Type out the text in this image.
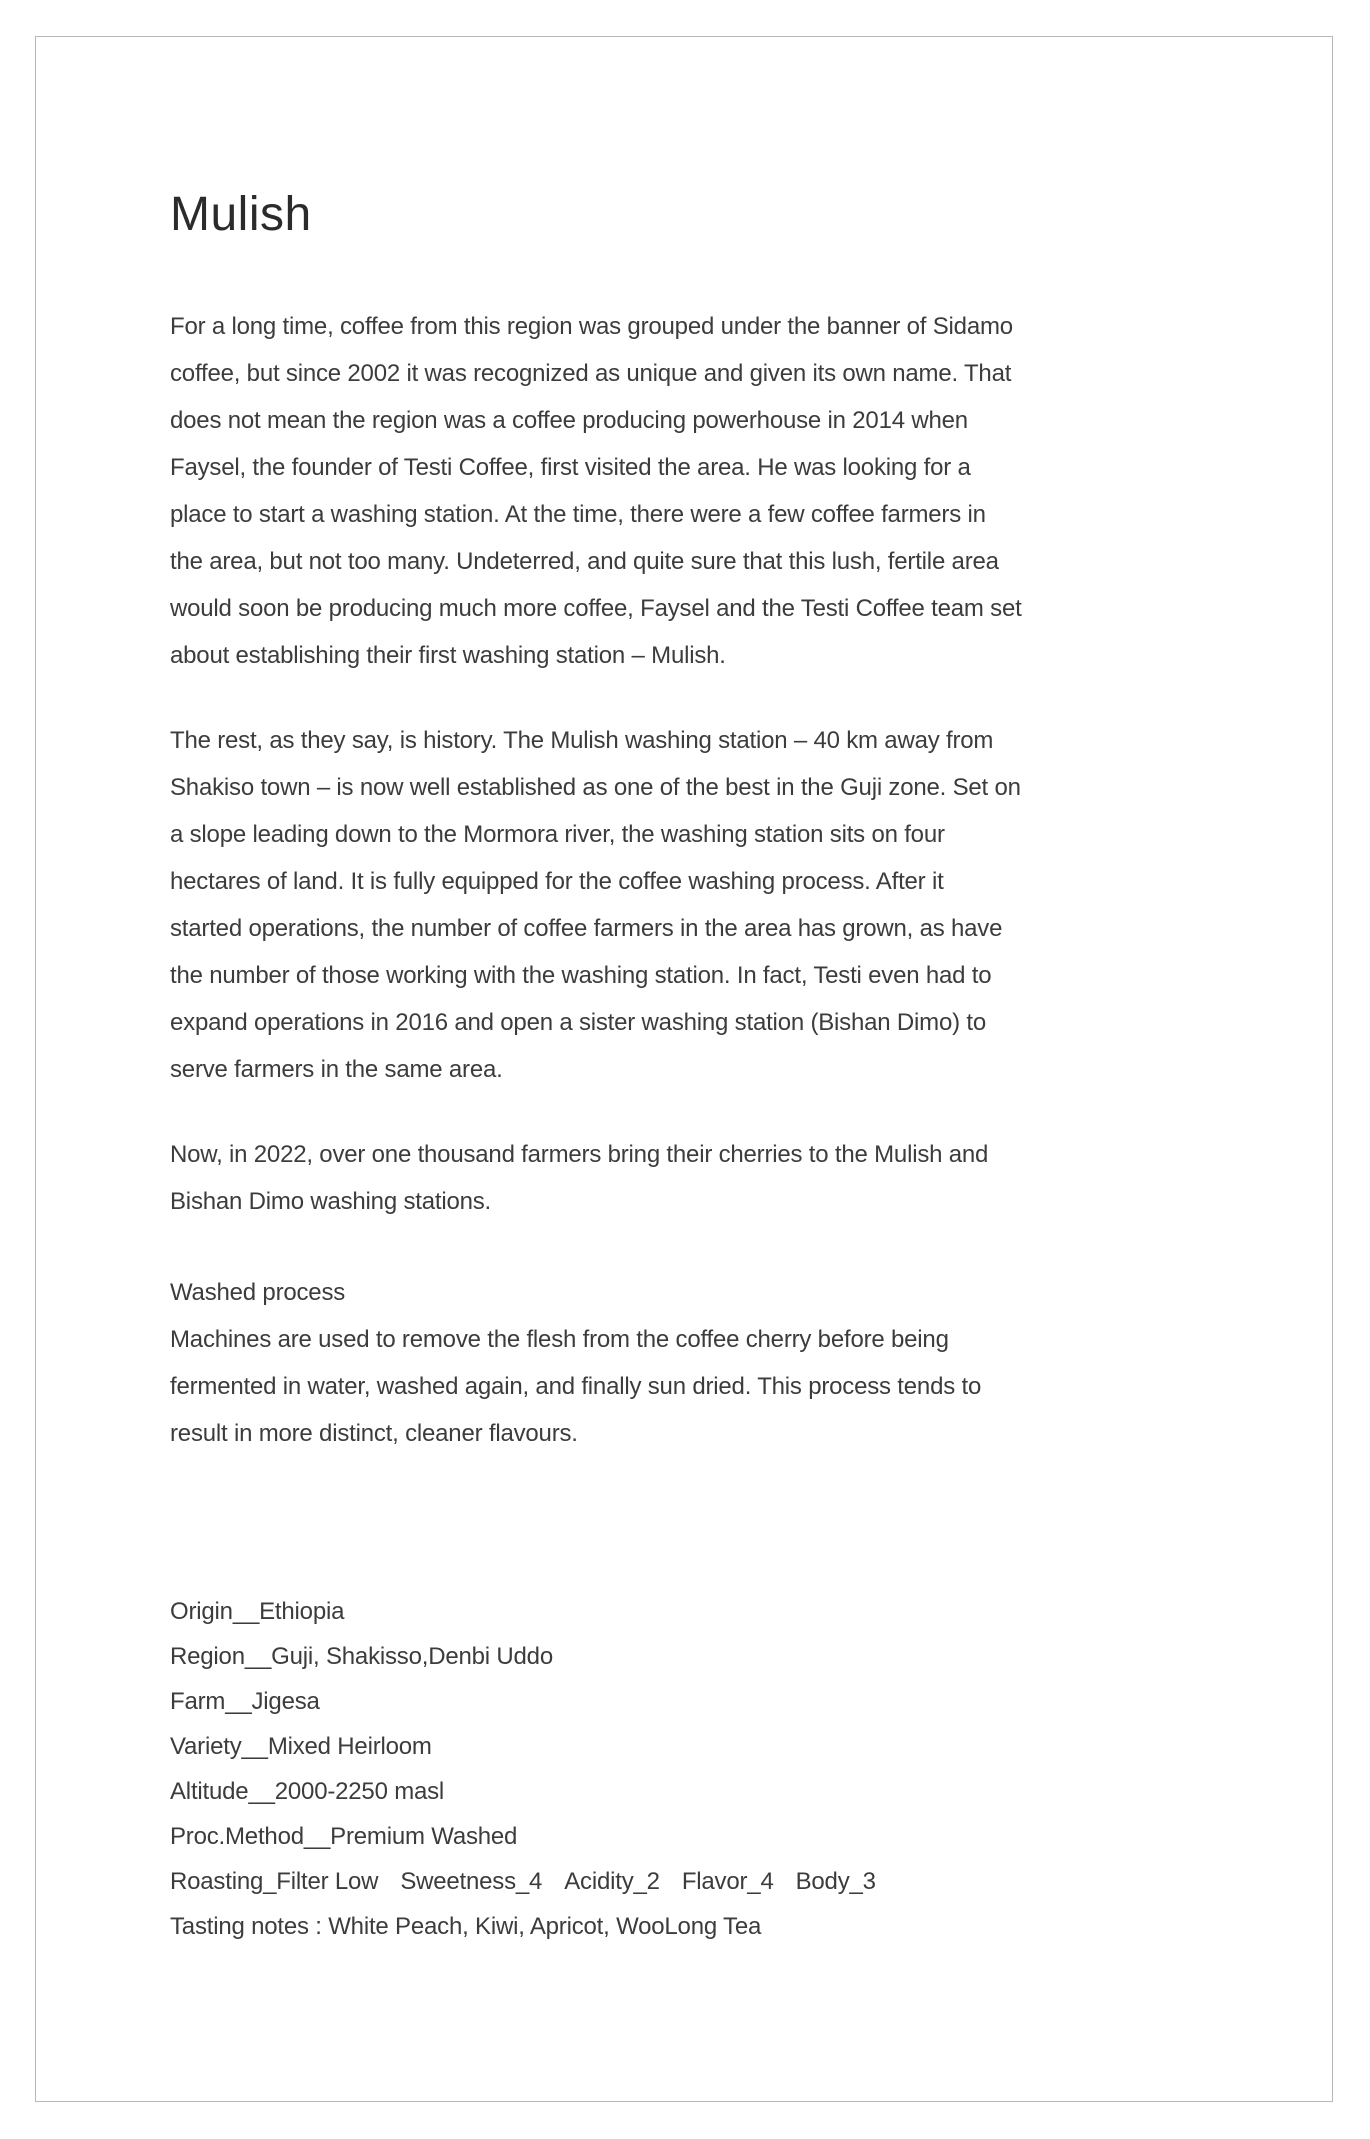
Mulish
For a long time, coffee from this region was grouped under the banner of Sidamo
coffee, but since 2002 it was recognized as unique and given its own name. That
does not mean the region was a coffee producing powerhouse in 2014 when
Faysel, the founder of Testi Coffee, first visited the area. He was looking for a
place to start a washing station. At the time, there were a few coffee farmers in
the area, but not too many. Undeterred, and quite sure that this lush, fertile area
would soon be producing much more coffee, Faysel and the Testi Coffee team set
about establishing their first washing station – Mulish.
The rest, as they say, is history. The Mulish washing station – 40 km away from
Shakiso town – is now well established as one of the best in the Guji zone. Set on
a slope leading down to the Mormora river, the washing station sits on four
hectares of land. It is fully equipped for the coffee washing process. After it
started operations, the number of coffee farmers in the area has grown, as have
the number of those working with the washing station. In fact, Testi even had to
expand operations in 2016 and open a sister washing station (Bishan Dimo) to
serve farmers in the same area.
Now, in 2022, over one thousand farmers bring their cherries to the Mulish and
Bishan Dimo washing stations.
Washed process
Machines are used to remove the flesh from the coffee cherry before being
fermented in water, washed again, and finally sun dried. This process tends to
result in more distinct, cleaner flavours.
Origin__Ethiopia
Region__Guji, Shakisso,Denbi Uddo
Farm__Jigesa
Variety__Mixed Heirloom
Altitude__2000-2250 masl
Proc.Method__Premium Washed
Roasting_Filter Low Sweetness_4 Acidity_2 Flavor_4 Body_3
Tasting notes : White Peach, Kiwi, Apricot, WooLong Tea
